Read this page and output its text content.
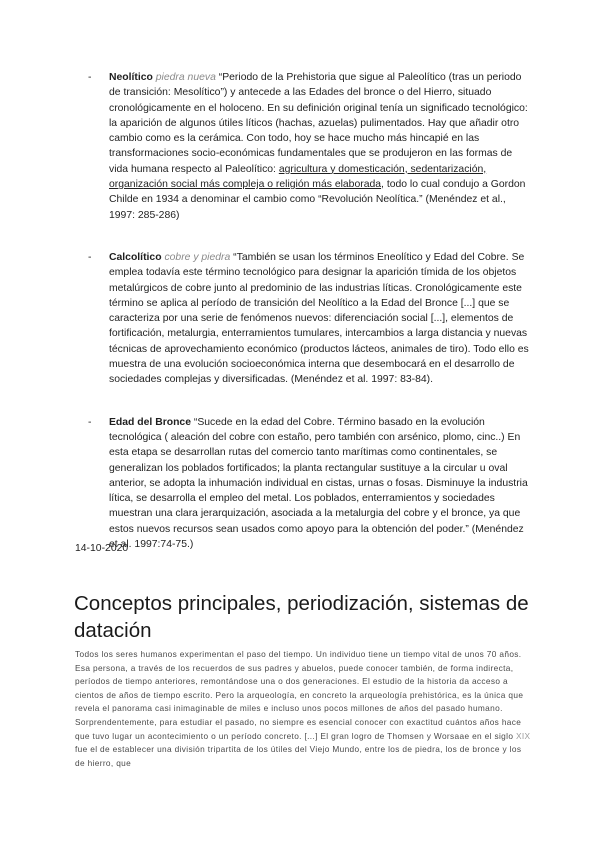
-	Neolítico piedra nueva “Periodo de la Prehistoria que sigue al Paleolítico (tras un periodo de transición: Mesolítico”) y antecede a las Edades del bronce o del Hierro, situado cronológicamente en el holoceno. En su definición original tenía un significado tecnológico: la aparición de algunos útiles líticos (hachas, azuelas) pulimentados. Hay que añadir otro cambio como es la cerámica. Con todo, hoy se hace mucho más hincapié en las transformaciones socio-económicas fundamentales que se produjeron en las formas de vida humana respecto al Paleolítico: agricultura y domesticación, sedentarización, organización social más compleja o religión más elaborada, todo lo cual condujo a Gordon Childe en 1934 a denominar el cambio como “Revolución Neolítica.” (Menéndez et al., 1997: 285-286)
-	Calcolítico cobre y piedra “También se usan los términos Eneolítico y Edad del Cobre. Se emplea todavía este término tecnológico para designar la aparición tímida de los objetos metalúrgicos de cobre junto al predominio de las industrias líticas. Cronológicamente este término se aplica al período de transición del Neolítico a la Edad del Bronce [...] que se caracteriza por una serie de fenómenos nuevos: diferenciación social [...], elementos de fortificación, metalurgia, enterramientos tumulares, intercambios a larga distancia y nuevas técnicas de aprovechamiento económico (productos lácteos, animales de tiro). Todo ello es muestra de una evolución socioeconómica interna que desembocará en el desarrollo de sociedades complejas y diversificadas. (Menéndez et al. 1997: 83-84).
-	Edad del Bronce “Sucede en la edad del Cobre. Término basado en la evolución tecnológica ( aleación del cobre con estaño, pero también con arsénico, plomo, cinc..) En esta etapa se desarrollan rutas del comercio tanto marítimas como continentales, se generalizan los poblados fortificados; la planta rectangular sustituye a la circular u oval anterior, se adopta la inhumación individual en cistas, urnas o fosas. Disminuye la industria lítica, se desarrolla el empleo del metal. Los poblados, enterramientos y sociedades muestran una clara jerarquización, asociada a la metalurgia del cobre y el bronce, ya que estos nuevos recursos sean usados como apoyo para la obtención del poder.” (Menéndez et al. 1997:74-75.)
14-10-2020
Conceptos principales, periodización, sistemas de datación

Todos los seres humanos experimentan el paso del tiempo. Un individuo tiene un tiempo vital de unos 70 años. Esa persona, a través de los recuerdos de sus padres y abuelos, puede conocer también, de forma indirecta, períodos de tiempo anteriores, remontándose una o dos generaciones. El estudio de la historia da acceso a cientos de años de tiempo escrito. Pero la arqueología, en concreto la arqueología prehistórica, es la única que revela el panorama casi inimaginable de miles e incluso unos pocos millones de años del pasado humano. Sorprendentemente, para estudiar el pasado, no siempre es esencial conocer con exactitud cuántos años hace que tuvo lugar un acontecimiento o un período concreto. [...] El gran logro de Thomsen y Worsaae en el siglo XIX fue el de establecer una división tripartita de los útiles del Viejo Mundo, entre los de piedra, los de bronce y los de hierro, que
